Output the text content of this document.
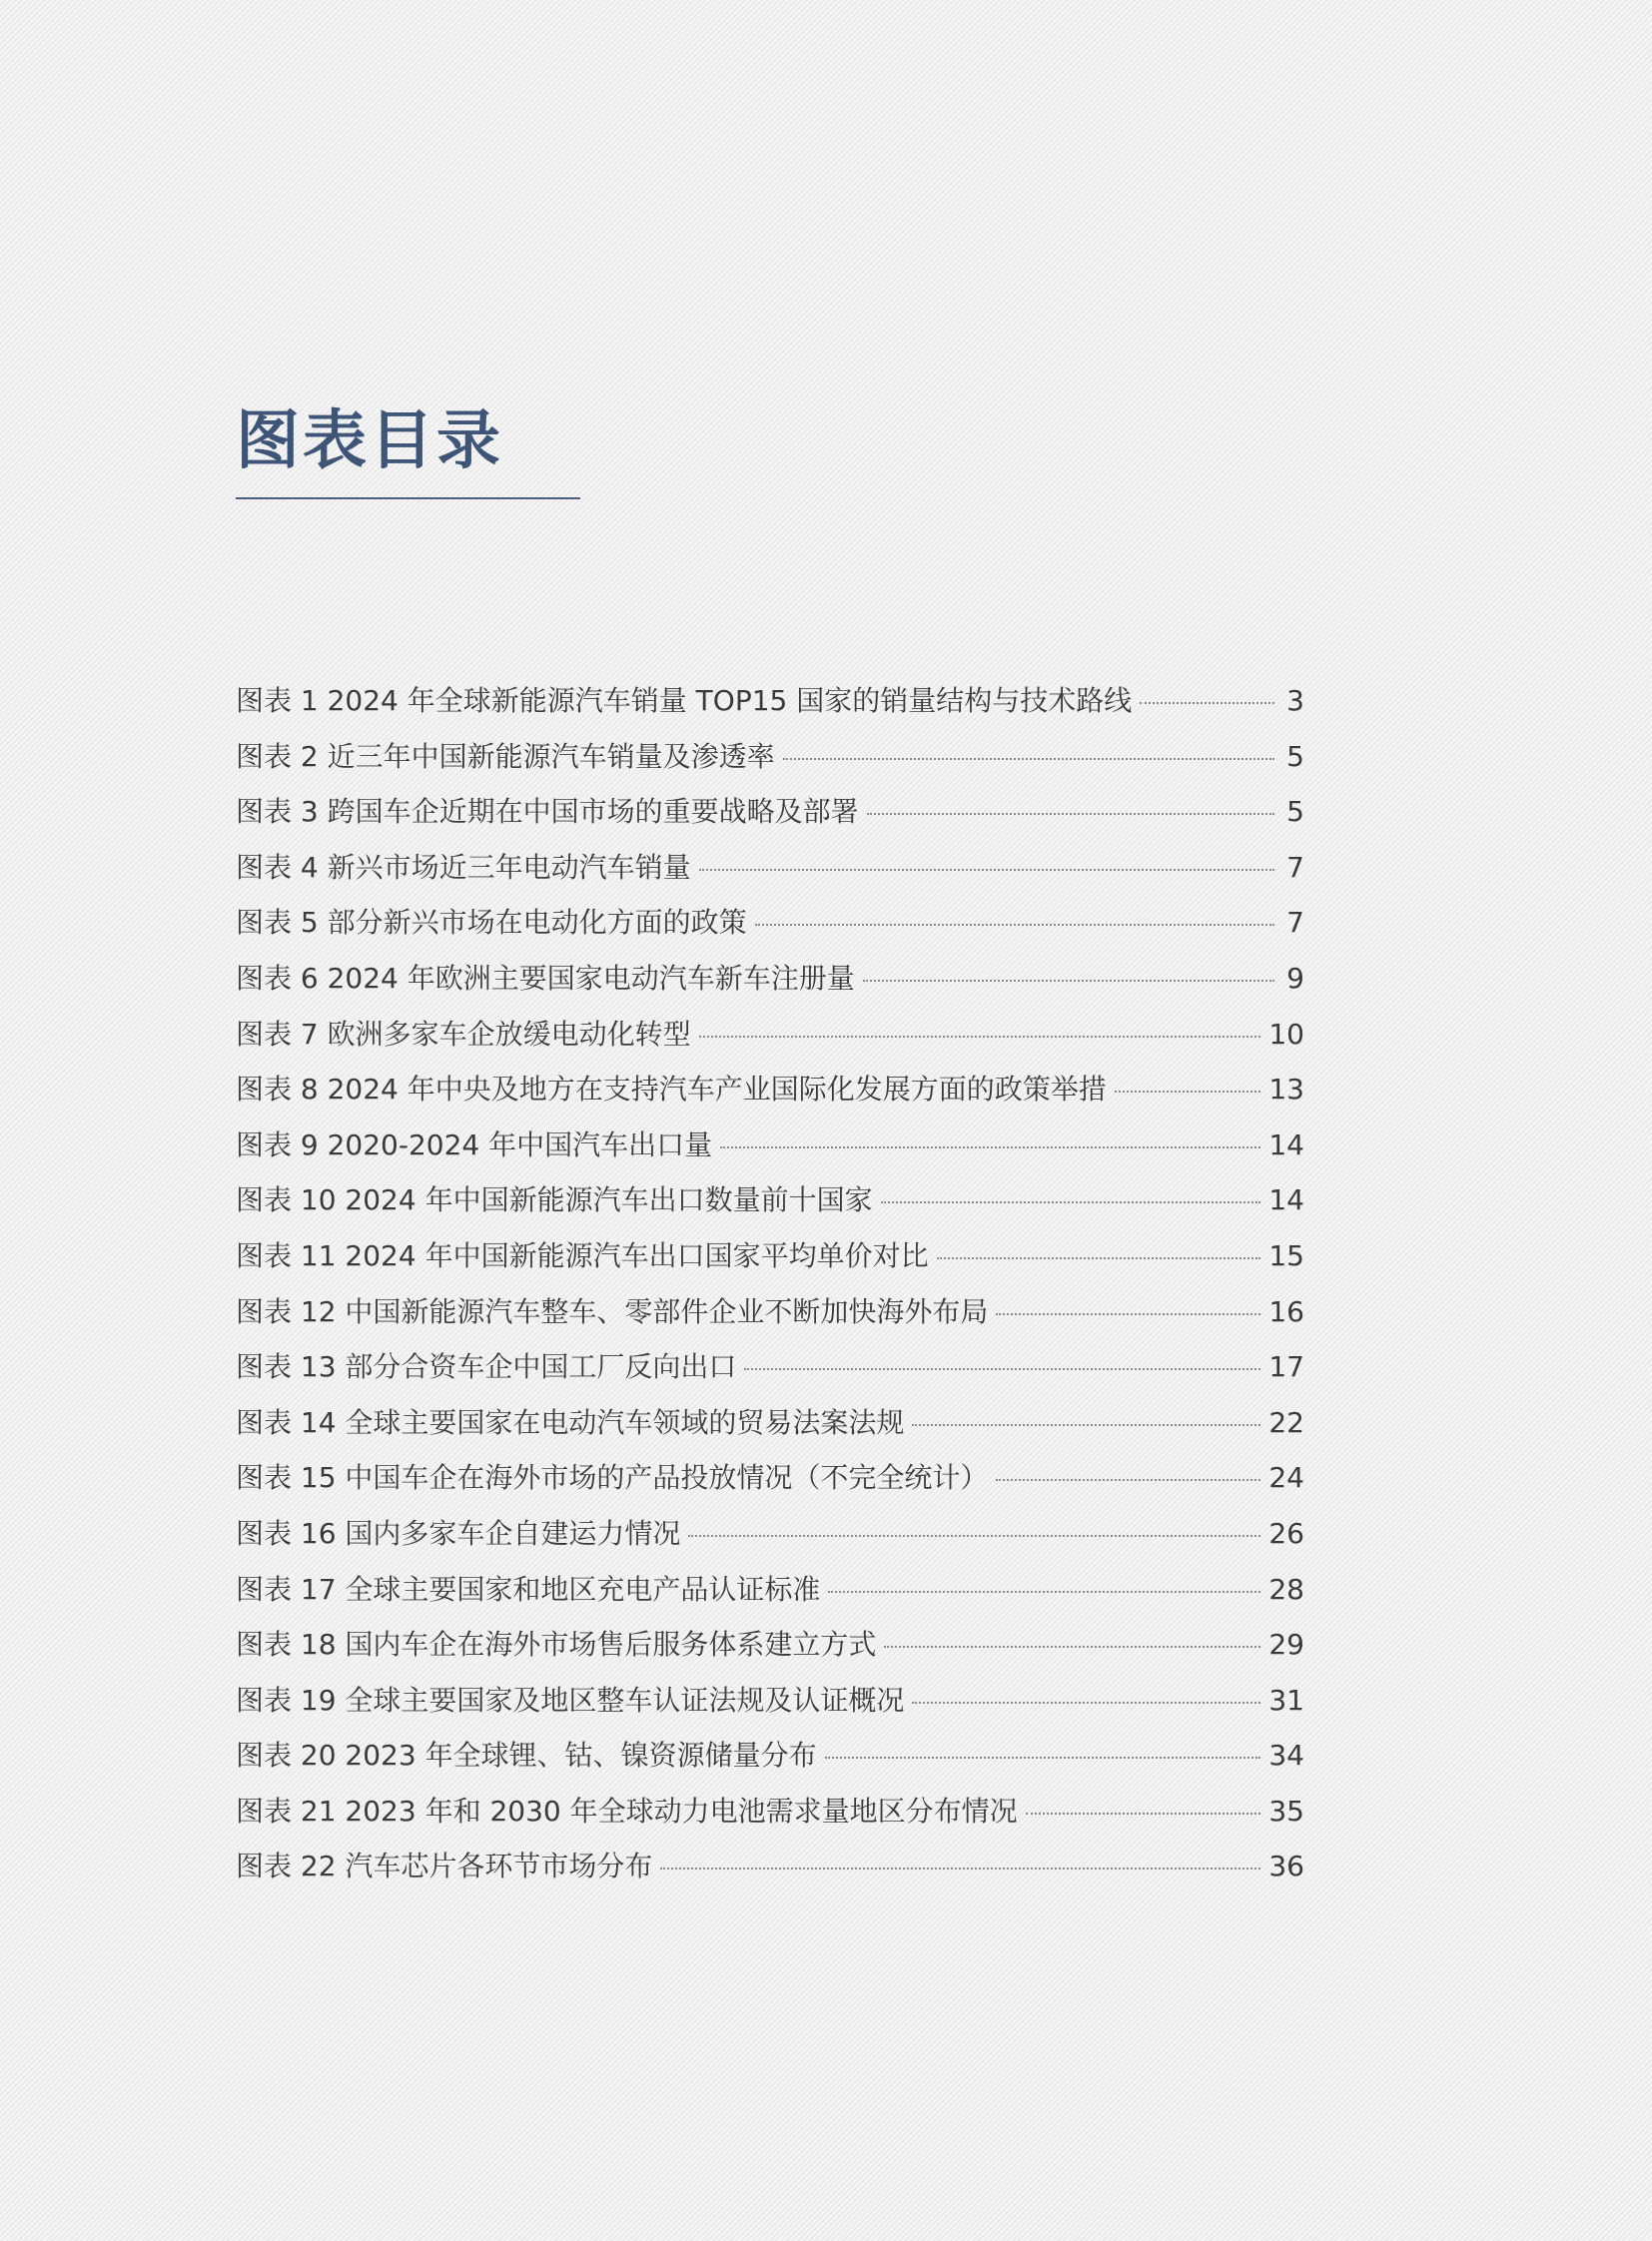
图表目录
图表 1 2024 年全球新能源汽车销量 TOP15 国家的销量结构与技术路线	3
图表 2 近三年中国新能源汽车销量及渗透率	5
图表 3 跨国车企近期在中国市场的重要战略及部署	5
图表 4 新兴市场近三年电动汽车销量	7
图表 5 部分新兴市场在电动化方面的政策	7
图表 6 2024 年欧洲主要国家电动汽车新车注册量	9
图表 7 欧洲多家车企放缓电动化转型	10
图表 8 2024 年中央及地方在支持汽车产业国际化发展方面的政策举措	13
图表 9 2020-2024 年中国汽车出口量	14
图表 10 2024 年中国新能源汽车出口数量前十国家	14
图表 11 2024 年中国新能源汽车出口国家平均单价对比	15
图表 12 中国新能源汽车整车、零部件企业不断加快海外布局	16
图表 13 部分合资车企中国工厂反向出口	17
图表 14 全球主要国家在电动汽车领域的贸易法案法规	22
图表 15 中国车企在海外市场的产品投放情况（不完全统计）	24
图表 16 国内多家车企自建运力情况	26
图表 17 全球主要国家和地区充电产品认证标准	28
图表 18 国内车企在海外市场售后服务体系建立方式	29
图表 19 全球主要国家及地区整车认证法规及认证概况	31
图表 20 2023 年全球锂、钴、镍资源储量分布	34
图表 21 2023 年和 2030 年全球动力电池需求量地区分布情况	35
图表 22 汽车芯片各环节市场分布	36
